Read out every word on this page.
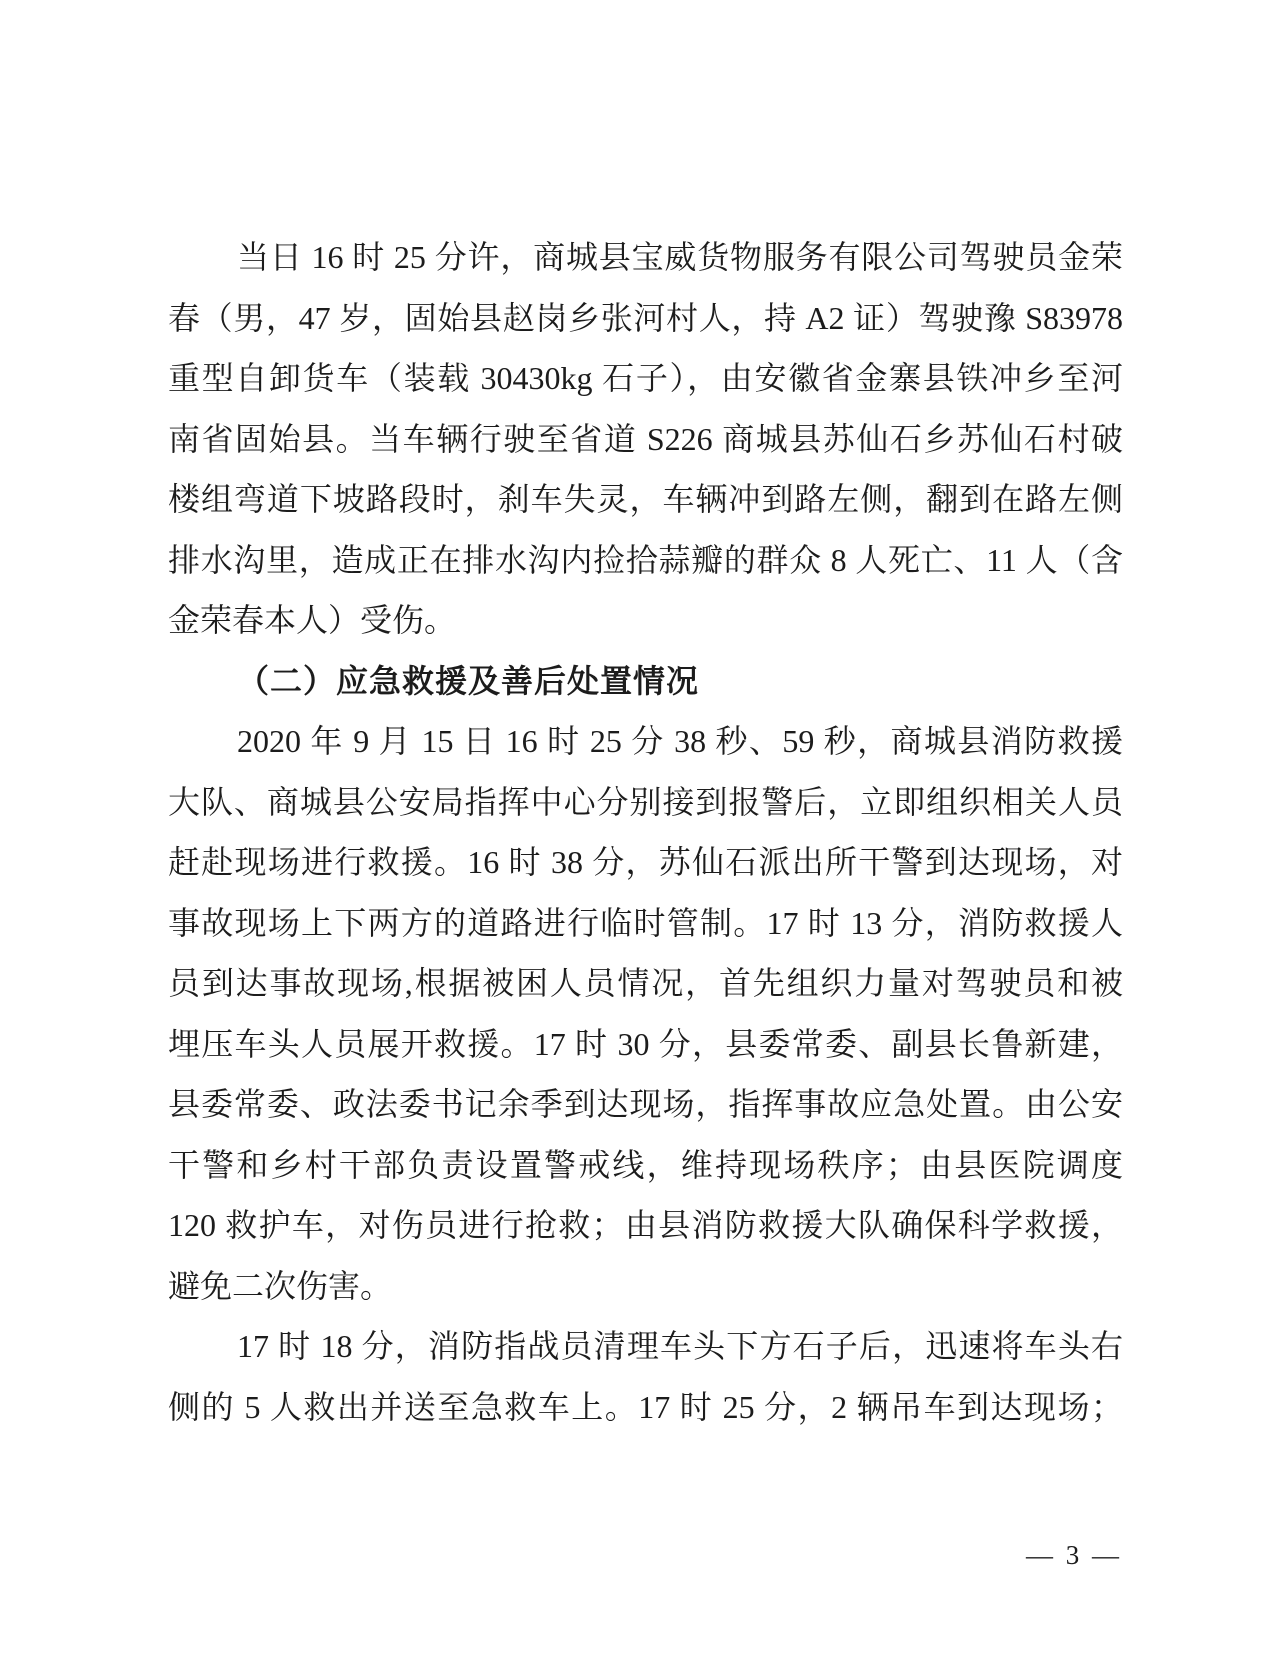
当日 16 时 25 分许，商城县宝威货物服务有限公司驾驶员金荣
春（男，47 岁，固始县赵岗乡张河村人，持 A2 证）驾驶豫 S83978
重型自卸货车（装载 30430kg 石子），由安徽省金寨县铁冲乡至河
南省固始县。当车辆行驶至省道 S226 商城县苏仙石乡苏仙石村破
楼组弯道下坡路段时，刹车失灵，车辆冲到路左侧，翻到在路左侧
排水沟里，造成正在排水沟内捡拾蒜瓣的群众 8 人死亡、11 人（含
金荣春本人）受伤。
（二）应急救援及善后处置情况
2020 年 9 月 15 日 16 时 25 分 38 秒、59 秒，商城县消防救援
大队、商城县公安局指挥中心分别接到报警后，立即组织相关人员
赶赴现场进行救援。16 时 38 分，苏仙石派出所干警到达现场，对
事故现场上下两方的道路进行临时管制。17 时 13 分，消防救援人
员到达事故现场,根据被困人员情况，首先组织力量对驾驶员和被
埋压车头人员展开救援。17 时 30 分，县委常委、副县长鲁新建，
县委常委、政法委书记余季到达现场，指挥事故应急处置。由公安
干警和乡村干部负责设置警戒线，维持现场秩序；由县医院调度
120 救护车，对伤员进行抢救；由县消防救援大队确保科学救援，
避免二次伤害。
17 时 18 分，消防指战员清理车头下方石子后，迅速将车头右
侧的 5 人救出并送至急救车上。17 时 25 分，2 辆吊车到达现场；
— 3 —
